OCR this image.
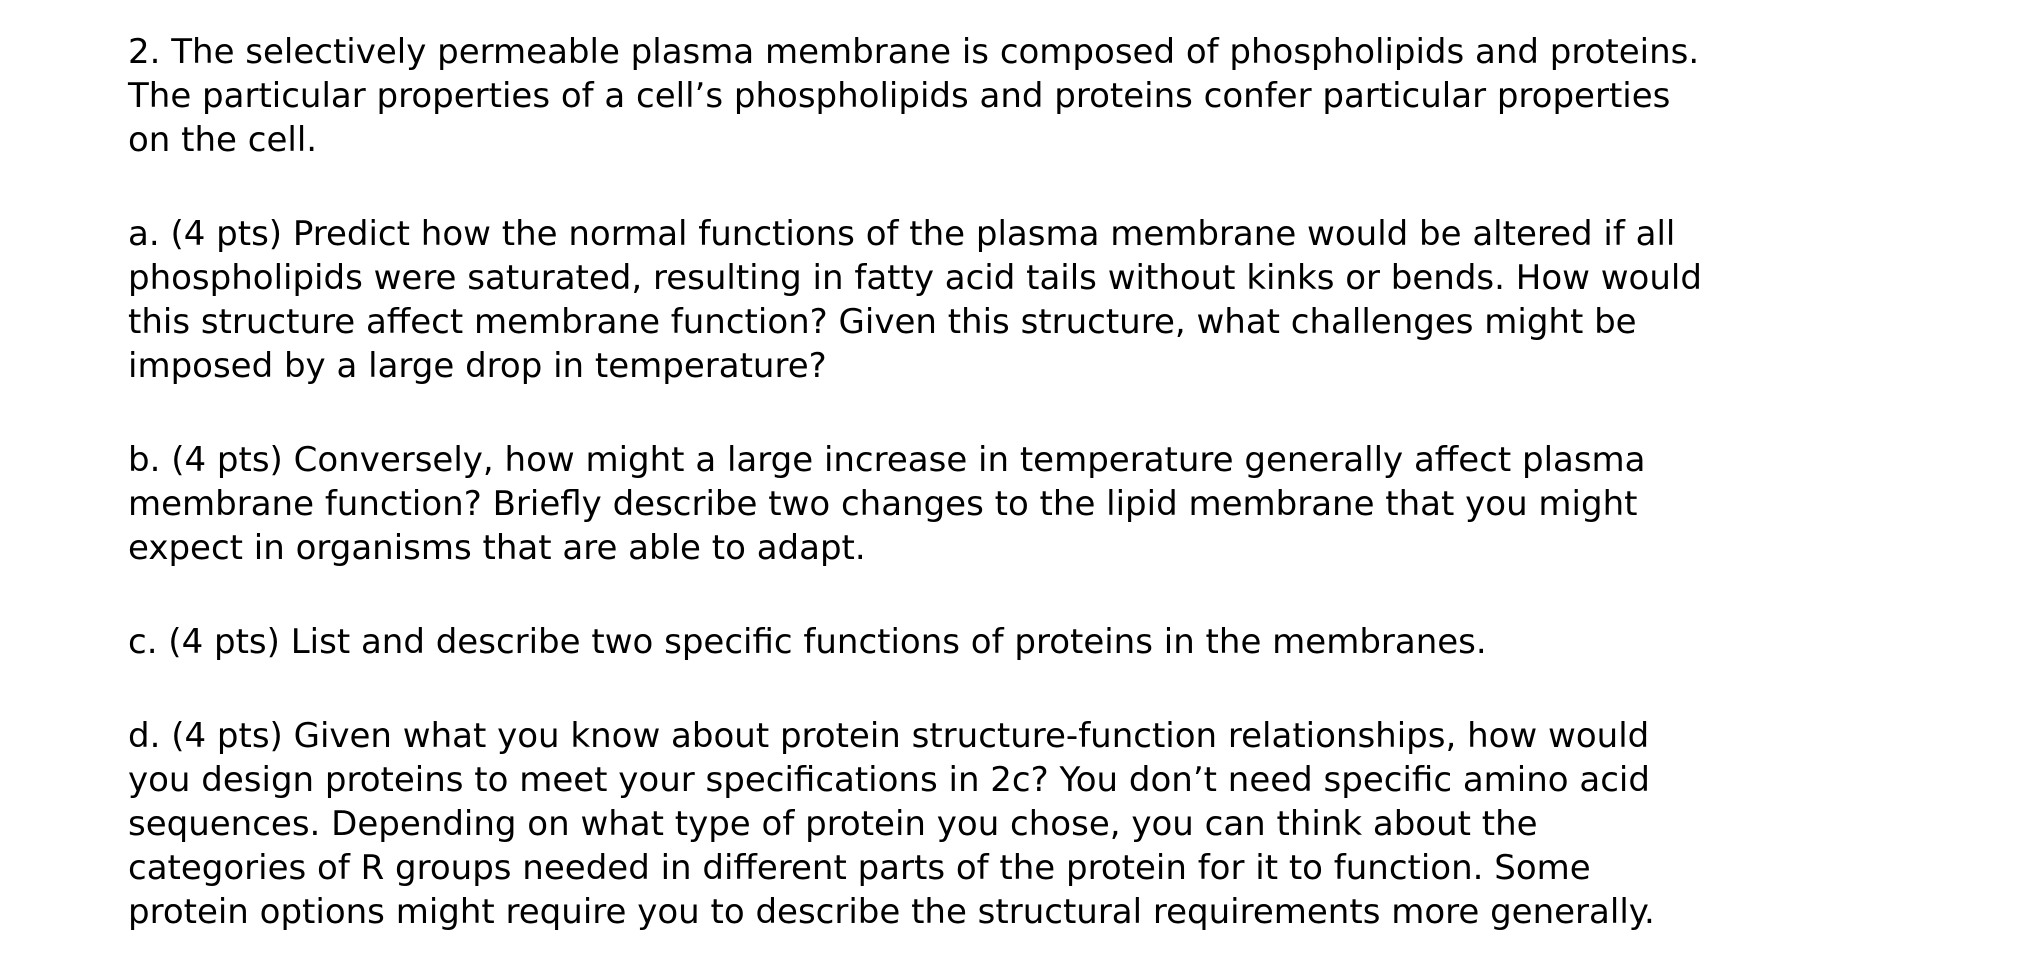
2. The selectively permeable plasma membrane is composed of phospholipids and proteins.
The particular properties of a cell’s phospholipids and proteins confer particular properties
on the cell.

a. (4 pts) Predict how the normal functions of the plasma membrane would be altered if all
phospholipids were saturated, resulting in fatty acid tails without kinks or bends. How would
this structure affect membrane function? Given this structure, what challenges might be
imposed by a large drop in temperature?

b. (4 pts) Conversely, how might a large increase in temperature generally affect plasma
membrane function? Briefly describe two changes to the lipid membrane that you might
expect in organisms that are able to adapt.

c. (4 pts) List and describe two specific functions of proteins in the membranes.

d. (4 pts) Given what you know about protein structure-function relationships, how would
you design proteins to meet your specifications in 2c? You don’t need specific amino acid
sequences. Depending on what type of protein you chose, you can think about the
categories of R groups needed in different parts of the protein for it to function. Some
protein options might require you to describe the structural requirements more generally.
